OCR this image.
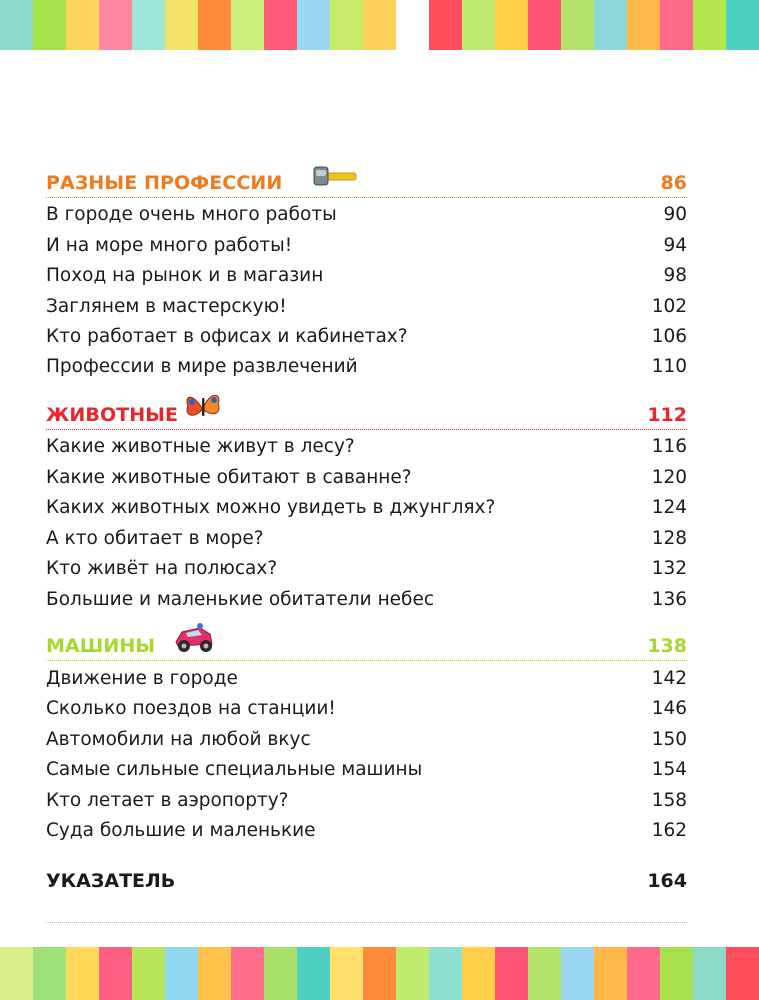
РАЗНЫЕ ПРОФЕССИИ	86
В городе очень много работы	90
И на море много работы!	94
Поход на рынок и в магазин	98
Заглянем в мастерскую!	102
Кто работает в офисах и кабинетах?	106
Профессии в мире развлечений	110
ЖИВОТНЫЕ	112
Какие животные живут в лесу?	116
Какие животные обитают в саванне?	120
Каких животных можно увидеть в джунглях?	124
А кто обитает в море?	128
Кто живёт на полюсах?	132
Большие и маленькие обитатели небес	136
МАШИНЫ	138
Движение в городе	142
Сколько поездов на станции!	146
Автомобили на любой вкус	150
Самые сильные специальные машины	154
Кто летает в аэропорту?	158
Суда большие и маленькие	162
УКАЗАТЕЛЬ	164
